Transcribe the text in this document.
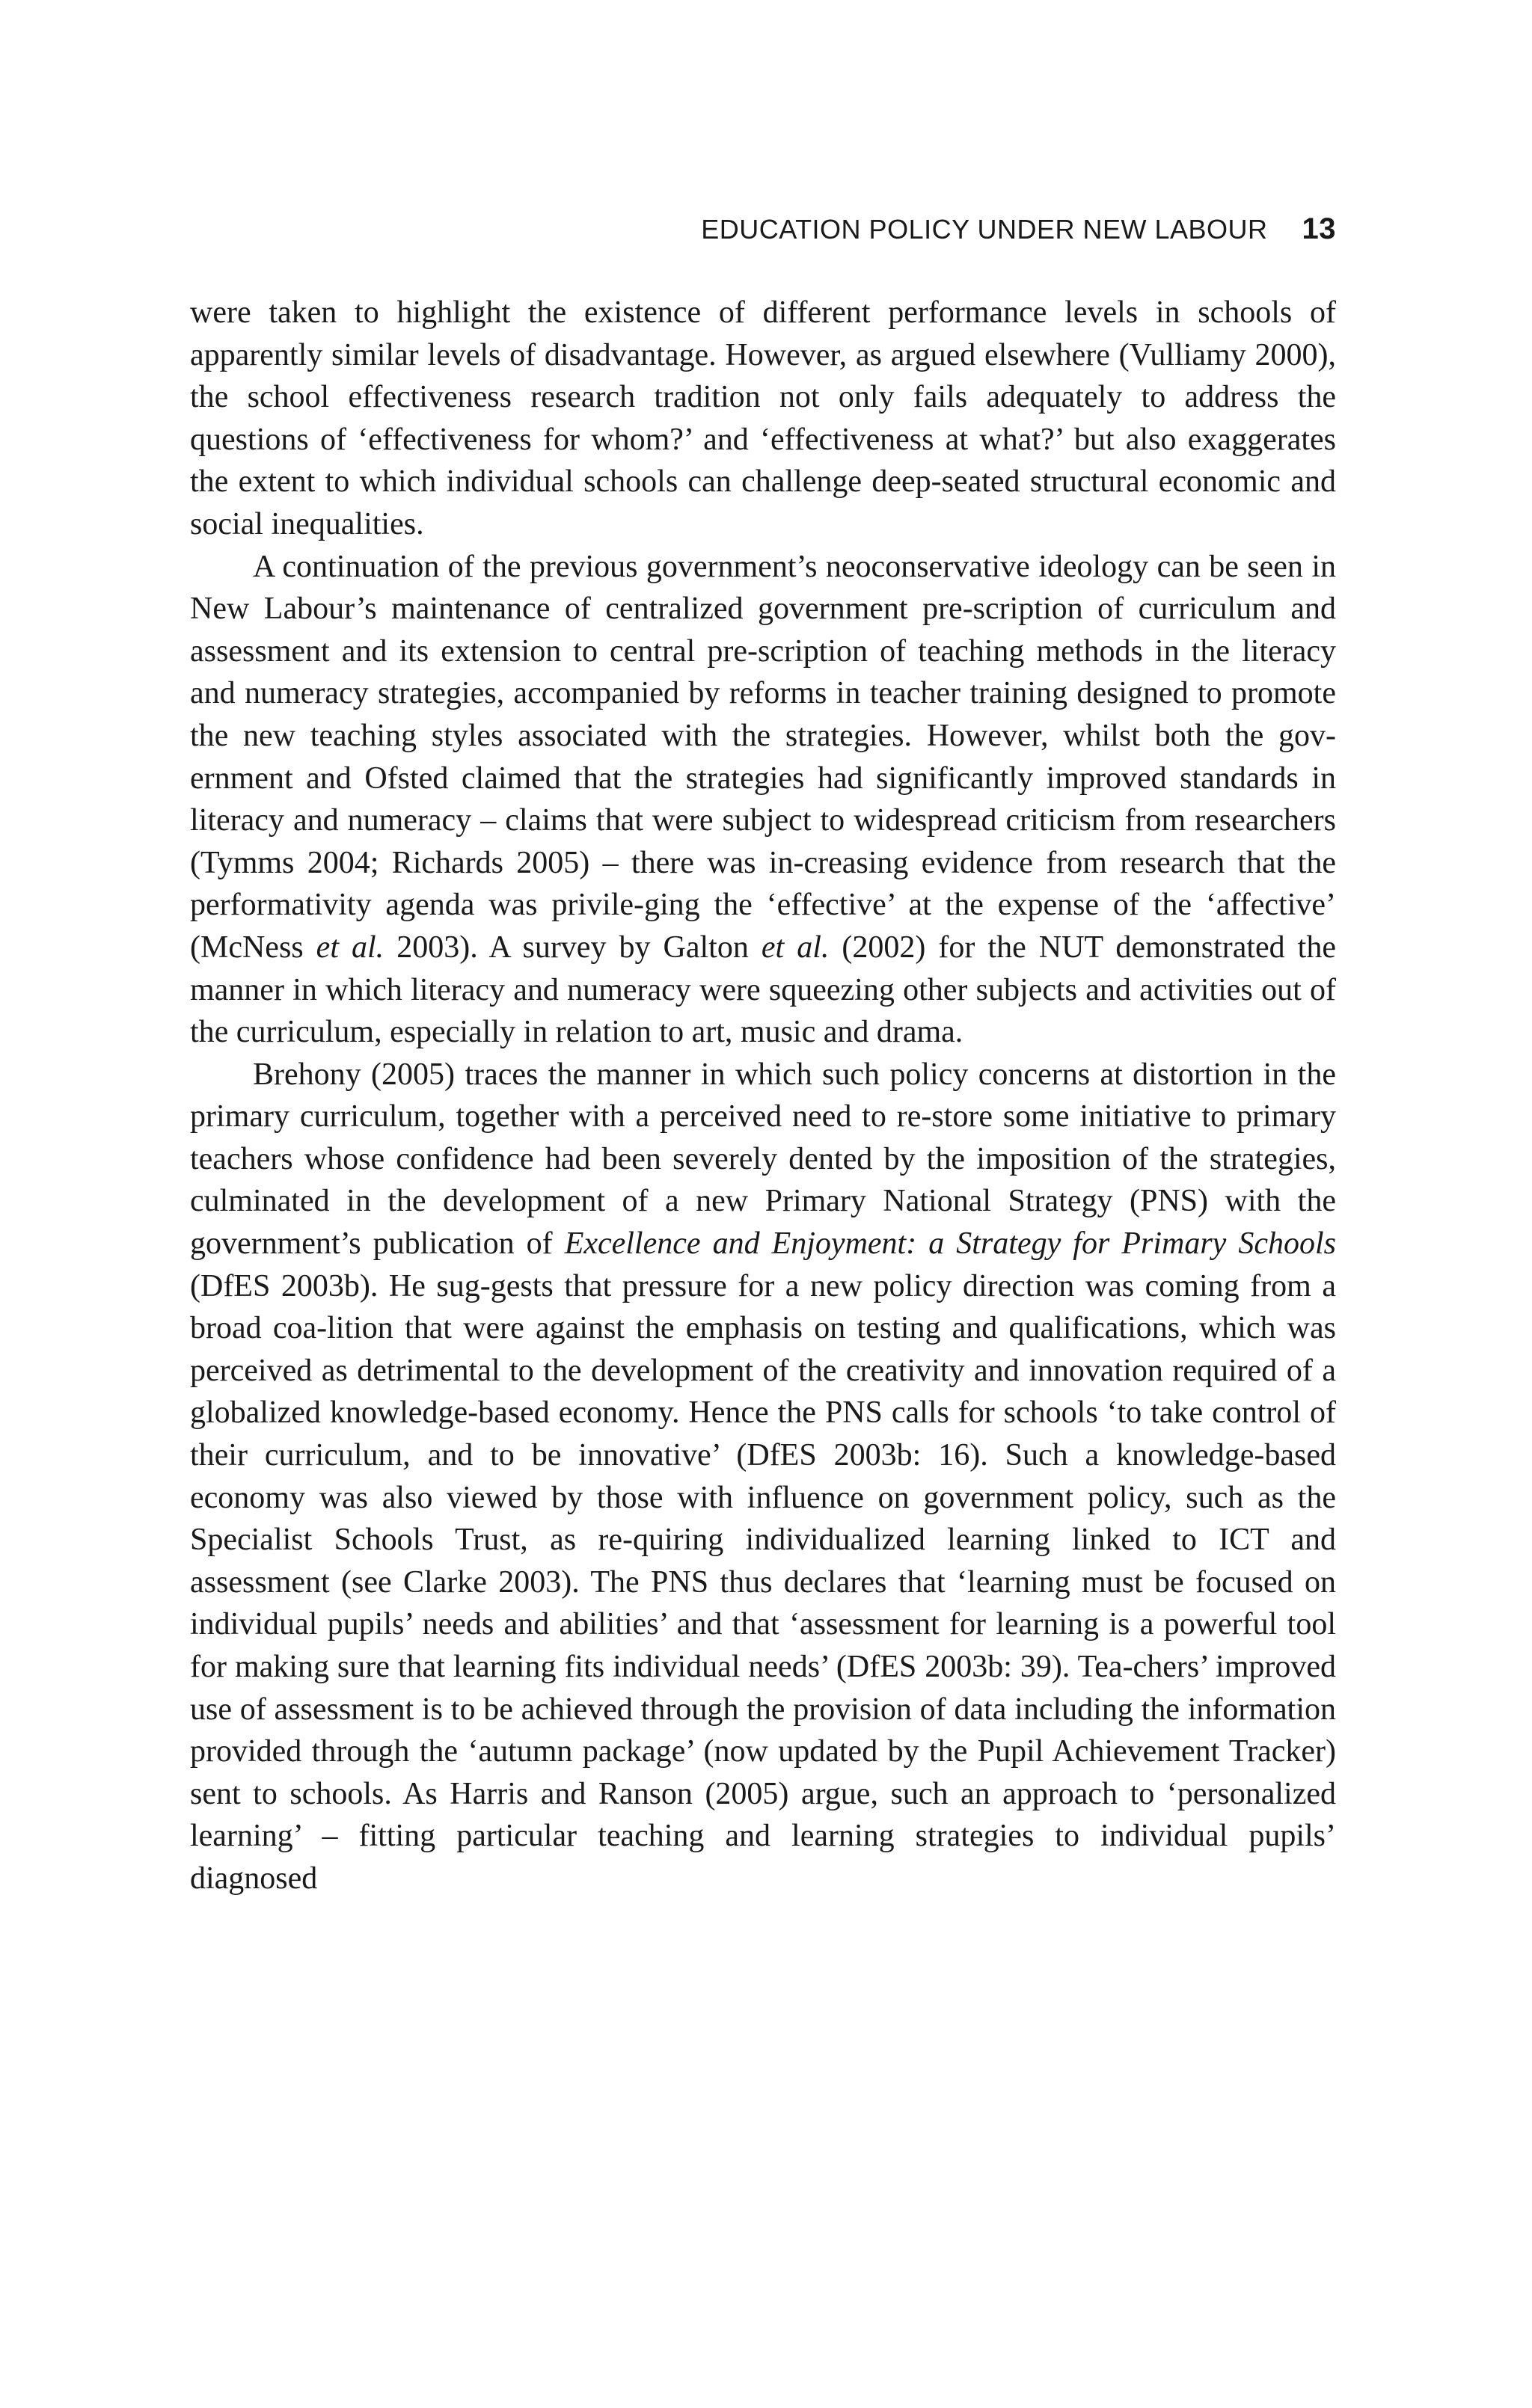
EDUCATION POLICY UNDER NEW LABOUR 13

were taken to highlight the existence of different performance levels in schools of apparently similar levels of disadvantage. However, as argued elsewhere (Vulliamy 2000), the school effectiveness research tradition not only fails adequately to address the questions of ‘effectiveness for whom?’ and ‘effectiveness at what?’ but also exaggerates the extent to which individual schools can challenge deep-seated structural economic and social inequalities.

A continuation of the previous government’s neoconservative ideology can be seen in New Labour’s maintenance of centralized government pre-scription of curriculum and assessment and its extension to central pre-scription of teaching methods in the literacy and numeracy strategies, accompanied by reforms in teacher training designed to promote the new teaching styles associated with the strategies. However, whilst both the gov-ernment and Ofsted claimed that the strategies had significantly improved standards in literacy and numeracy – claims that were subject to widespread criticism from researchers (Tymms 2004; Richards 2005) – there was in-creasing evidence from research that the performativity agenda was privile-ging the ‘effective’ at the expense of the ‘affective’ (McNess et al. 2003). A survey by Galton et al. (2002) for the NUT demonstrated the manner in which literacy and numeracy were squeezing other subjects and activities out of the curriculum, especially in relation to art, music and drama.

Brehony (2005) traces the manner in which such policy concerns at distortion in the primary curriculum, together with a perceived need to re-store some initiative to primary teachers whose confidence had been severely dented by the imposition of the strategies, culminated in the development of a new Primary National Strategy (PNS) with the government’s publication of Excellence and Enjoyment: a Strategy for Primary Schools (DfES 2003b). He sug-gests that pressure for a new policy direction was coming from a broad coa-lition that were against the emphasis on testing and qualifications, which was perceived as detrimental to the development of the creativity and innovation required of a globalized knowledge-based economy. Hence the PNS calls for schools ‘to take control of their curriculum, and to be innovative’ (DfES 2003b: 16). Such a knowledge-based economy was also viewed by those with influence on government policy, such as the Specialist Schools Trust, as re-quiring individualized learning linked to ICT and assessment (see Clarke 2003). The PNS thus declares that ‘learning must be focused on individual pupils’ needs and abilities’ and that ‘assessment for learning is a powerful tool for making sure that learning fits individual needs’ (DfES 2003b: 39). Tea-chers’ improved use of assessment is to be achieved through the provision of data including the information provided through the ‘autumn package’ (now updated by the Pupil Achievement Tracker) sent to schools. As Harris and Ranson (2005) argue, such an approach to ‘personalized learning’ – fitting particular teaching and learning strategies to individual pupils’ diagnosed
